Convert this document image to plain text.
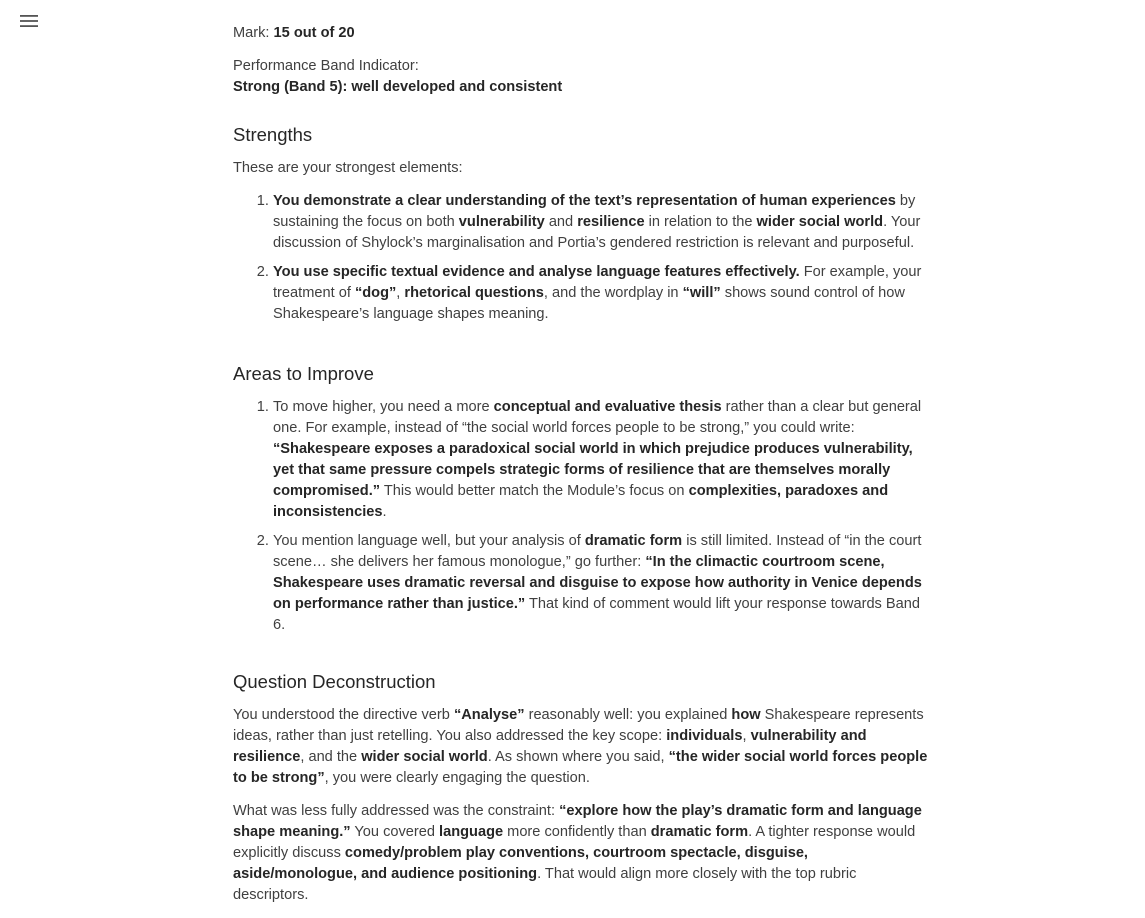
Mark: 15 out of 20

Performance Band Indicator:
Strong (Band 5): well developed and consistent

Strengths

These are your strongest elements:

1. You demonstrate a clear understanding of the text’s representation of human experiences by sustaining the focus on both vulnerability and resilience in relation to the wider social world. Your discussion of Shylock’s marginalisation and Portia’s gendered restriction is relevant and purposeful.
2. You use specific textual evidence and analyse language features effectively. For example, your treatment of “dog”, rhetorical questions, and the wordplay in “will” shows sound control of how Shakespeare’s language shapes meaning.
Areas to Improve
1. To move higher, you need a more conceptual and evaluative thesis rather than a clear but general one. For example, instead of “the social world forces people to be strong,” you could write: “Shakespeare exposes a paradoxical social world in which prejudice produces vulnerability, yet that same pressure compels strategic forms of resilience that are themselves morally compromised.” This would better match the Module’s focus on complexities, paradoxes and inconsistencies.
2. You mention language well, but your analysis of dramatic form is still limited. Instead of “in the court scene… she delivers her famous monologue,” go further: “In the climactic courtroom scene, Shakespeare uses dramatic reversal and disguise to expose how authority in Venice depends on performance rather than justice.” That kind of comment would lift your response towards Band 6.
Question Deconstruction

You understood the directive verb “Analyse” reasonably well: you explained how Shakespeare represents ideas, rather than just retelling. You also addressed the key scope: individuals, vulnerability and resilience, and the wider social world. As shown where you said, “the wider social world forces people to be strong”, you were clearly engaging the question.

What was less fully addressed was the constraint: “explore how the play’s dramatic form and language shape meaning.” You covered language more confidently than dramatic form. A tighter response would explicitly discuss comedy/problem play conventions, courtroom spectacle, disguise, aside/monologue, and audience positioning. That would align more closely with the top rubric descriptors.
